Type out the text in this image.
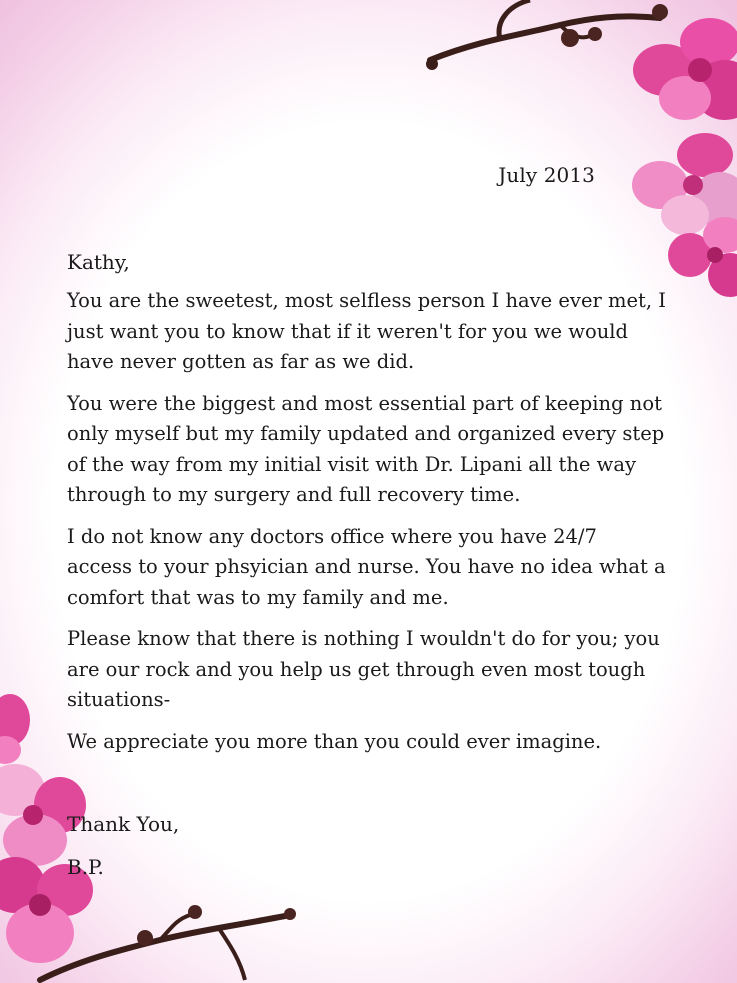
July 2013
Kathy,

You are the sweetest, most selfless person I have ever met, I just want you to know that if it weren't for you we would have never gotten as far as we did.

You were the biggest and most essential part of keeping not only myself but my family updated and organized every step of the way from my initial visit with Dr. Lipani all the way through to my surgery and full recovery time.

I do not know any doctors office where you have 24/7 access to your phsyician and nurse. You have no idea what a comfort that was to my family and me.

Please know that there is nothing I wouldn't do for you; you are our rock and you help us get through even most tough situations-

We appreciate you more than you could ever imagine.

Thank You,
B.P.
